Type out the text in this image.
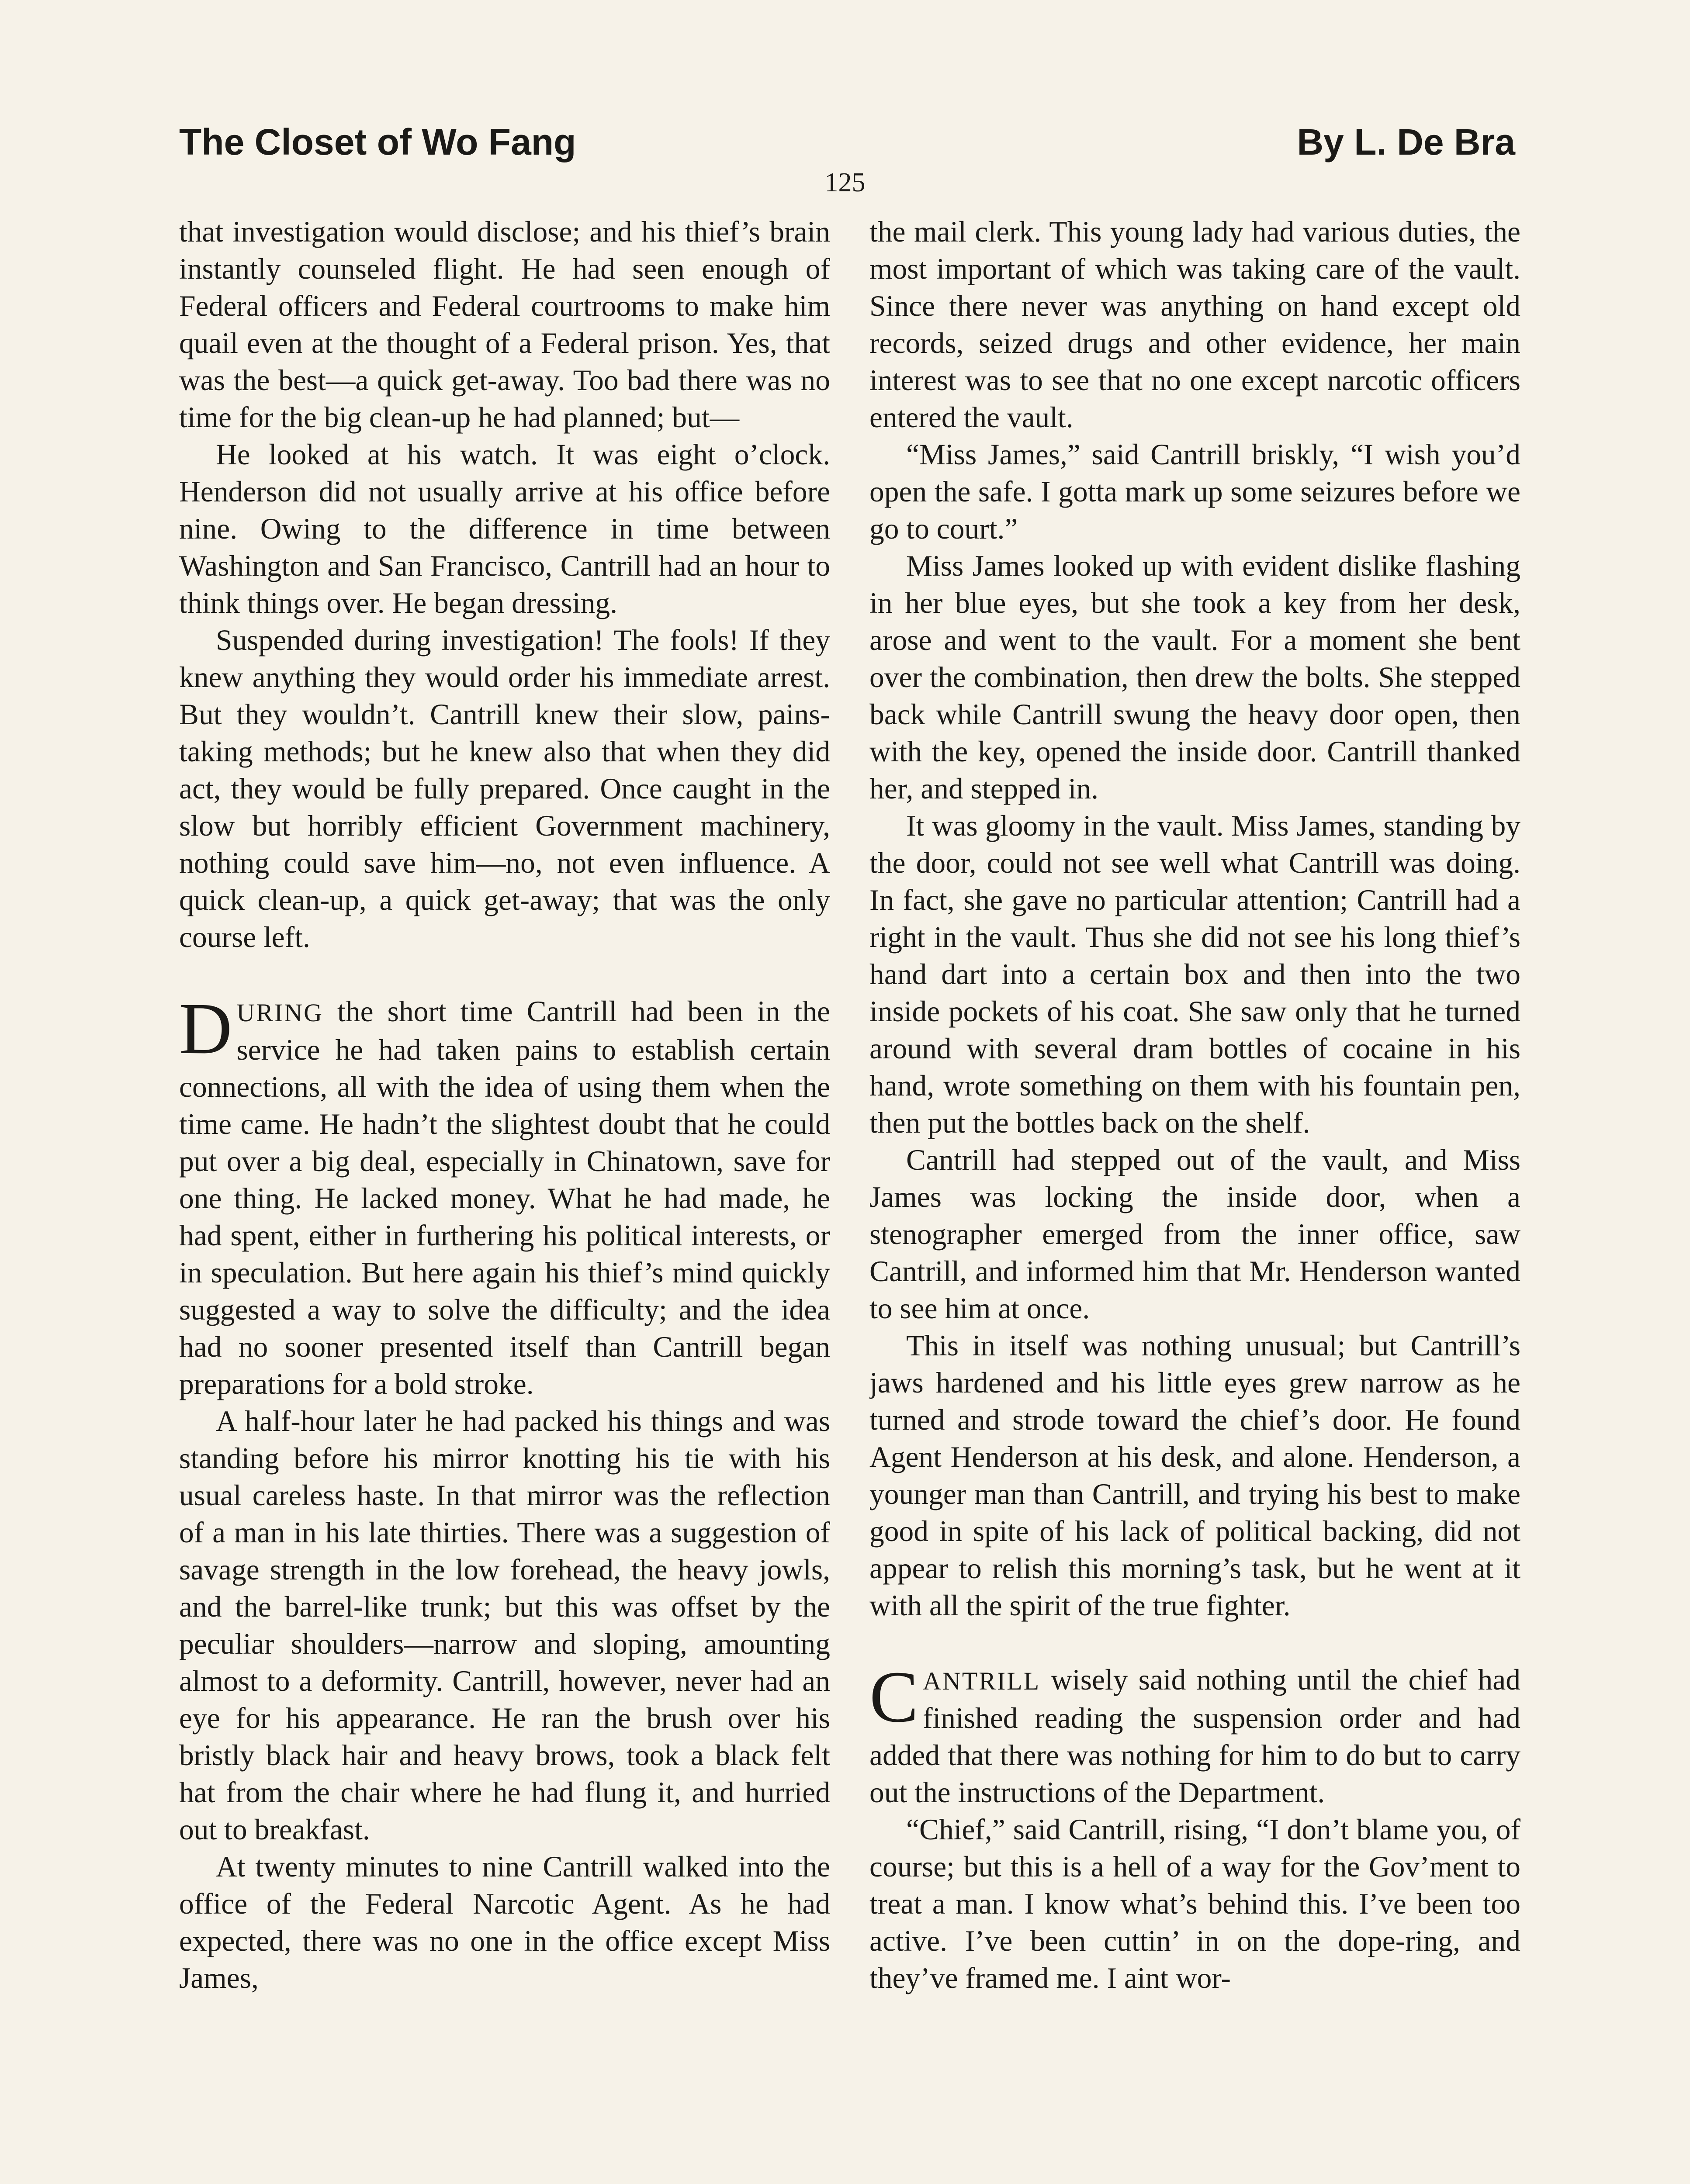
The Closet of Wo Fang	By L. De Bra
125

that investigation would disclose; and his thief’s brain instantly counseled flight. He had seen enough of Federal officers and Federal courtrooms to make him quail even at the thought of a Federal prison. Yes, that was the best—a quick get-away. Too bad there was no time for the big clean-up he had planned; but—

He looked at his watch. It was eight o’clock. Henderson did not usually arrive at his office before nine. Owing to the difference in time between Washington and San Francisco, Cantrill had an hour to think things over. He began dressing.

Suspended during investigation! The fools! If they knew anything they would order his immediate arrest. But they wouldn’t. Cantrill knew their slow, painstaking methods; but he knew also that when they did act, they would be fully prepared. Once caught in the slow but horribly efficient Government machinery, nothing could save him—no, not even influence. A quick clean-up, a quick get-away; that was the only course left.

DURING the short time Cantrill had been in the service he had taken pains to establish certain connections, all with the idea of using them when the time came. He hadn’t the slightest doubt that he could put over a big deal, especially in Chinatown, save for one thing. He lacked money. What he had made, he had spent, either in furthering his political interests, or in speculation. But here again his thief’s mind quickly suggested a way to solve the difficulty; and the idea had no sooner presented itself than Cantrill began preparations for a bold stroke.

A half-hour later he had packed his things and was standing before his mirror knotting his tie with his usual careless haste. In that mirror was the reflection of a man in his late thirties. There was a suggestion of savage strength in the low forehead, the heavy jowls, and the barrel-like trunk; but this was offset by the peculiar shoulders—narrow and sloping, amounting almost to a deformity. Cantrill, however, never had an eye for his appearance. He ran the brush over his bristly black hair and heavy brows, took a black felt hat from the chair where he had flung it, and hurried out to breakfast.

At twenty minutes to nine Cantrill walked into the office of the Federal Narcotic Agent. As he had expected, there was no one in the office except Miss James,

the mail clerk. This young lady had various duties, the most important of which was taking care of the vault. Since there never was anything on hand except old records, seized drugs and other evidence, her main interest was to see that no one except narcotic officers entered the vault.

“Miss James,” said Cantrill briskly, “I wish you’d open the safe. I gotta mark up some seizures before we go to court.”

Miss James looked up with evident dislike flashing in her blue eyes, but she took a key from her desk, arose and went to the vault. For a moment she bent over the combination, then drew the bolts. She stepped back while Cantrill swung the heavy door open, then with the key, opened the inside door. Cantrill thanked her, and stepped in.

It was gloomy in the vault. Miss James, standing by the door, could not see well what Cantrill was doing. In fact, she gave no particular attention; Cantrill had a right in the vault. Thus she did not see his long thief’s hand dart into a certain box and then into the two inside pockets of his coat. She saw only that he turned around with several dram bottles of cocaine in his hand, wrote something on them with his fountain pen, then put the bottles back on the shelf.

Cantrill had stepped out of the vault, and Miss James was locking the inside door, when a stenographer emerged from the inner office, saw Cantrill, and informed him that Mr. Henderson wanted to see him at once.

This in itself was nothing unusual; but Cantrill’s jaws hardened and his little eyes grew narrow as he turned and strode toward the chief’s door. He found Agent Henderson at his desk, and alone. Henderson, a younger man than Cantrill, and trying his best to make good in spite of his lack of political backing, did not appear to relish this morning’s task, but he went at it with all the spirit of the true fighter.

CANTRILL wisely said nothing until the chief had finished reading the suspension order and had added that there was nothing for him to do but to carry out the instructions of the Department.

“Chief,” said Cantrill, rising, “I don’t blame you, of course; but this is a hell of a way for the Gov’ment to treat a man. I know what’s behind this. I’ve been too active. I’ve been cuttin’ in on the dope-ring, and they’ve framed me. I aint wor-
